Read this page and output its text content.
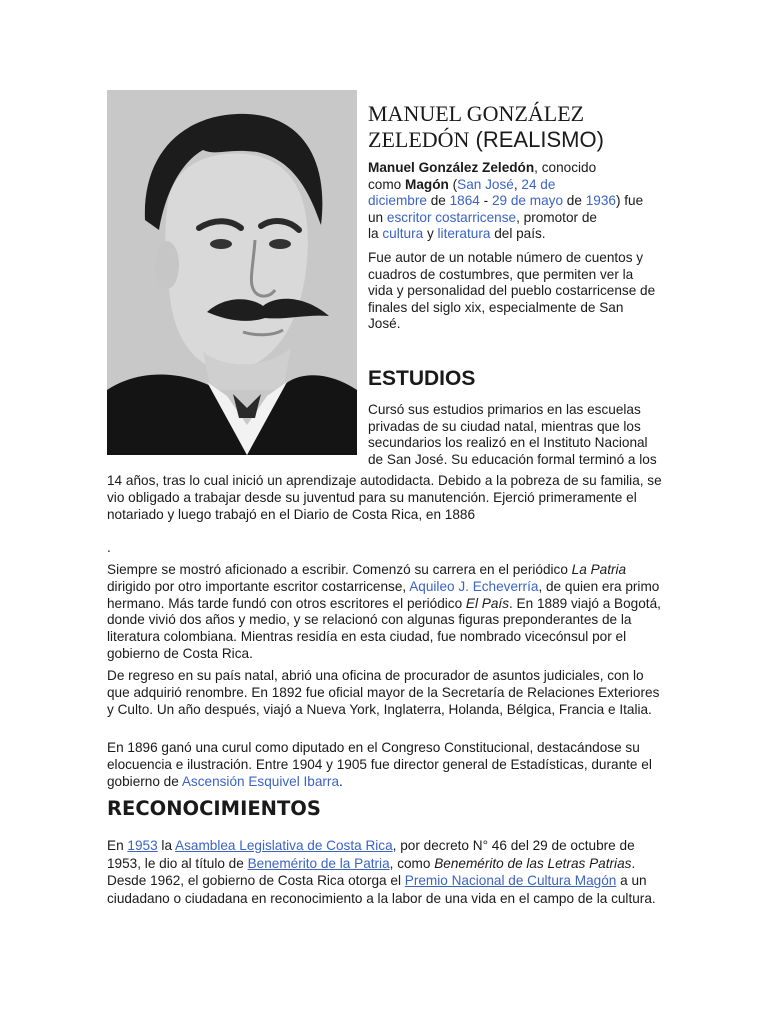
MANUEL GONZÁLEZ
ZELEDÓN (REALISMO)

Manuel González Zeledón, conocido
como Magón (San José, 24 de
diciembre de 1864 - 29 de mayo de 1936) fue
un escritor costarricense, promotor de
la cultura y literatura del país.

Fue autor de un notable número de cuentos y
cuadros de costumbres, que permiten ver la
vida y personalidad del pueblo costarricense de
finales del siglo xix, especialmente de San
José.

ESTUDIOS

Cursó sus estudios primarios en las escuelas
privadas de su ciudad natal, mientras que los
secundarios los realizó en el Instituto Nacional
de San José. Su educación formal terminó a los

14 años, tras lo cual inició un aprendizaje autodidacta. Debido a la pobreza de su familia, se vio obligado a trabajar desde su juventud para su manutención. Ejerció primeramente el notariado y luego trabajó en el Diario de Costa Rica, en 1886

.

Siempre se mostró aficionado a escribir. Comenzó su carrera en el periódico La Patria dirigido por otro importante escritor costarricense, Aquileo J. Echeverría, de quien era primo hermano. Más tarde fundó con otros escritores el periódico El País. En 1889 viajó a Bogotá, donde vivió dos años y medio, y se relacionó con algunas figuras preponderantes de la literatura colombiana. Mientras residía en esta ciudad, fue nombrado vicecónsul por el gobierno de Costa Rica.

De regreso en su país natal, abrió una oficina de procurador de asuntos judiciales, con lo que adquirió renombre. En 1892 fue oficial mayor de la Secretaría de Relaciones Exteriores y Culto. Un año después, viajó a Nueva York, Inglaterra, Holanda, Bélgica, Francia e Italia.

En 1896 ganó una curul como diputado en el Congreso Constitucional, destacándose su elocuencia e ilustración. Entre 1904 y 1905 fue director general de Estadísticas, durante el gobierno de Ascensión Esquivel Ibarra.

RECONOCIMIENTOS

En 1953 la Asamblea Legislativa de Costa Rica, por decreto N° 46 del 29 de octubre de 1953, le dio al título de Benemérito de la Patria, como Benemérito de las Letras Patrias. Desde 1962, el gobierno de Costa Rica otorga el Premio Nacional de Cultura Magón a un ciudadano o ciudadana en reconocimiento a la labor de una vida en el campo de la cultura.
